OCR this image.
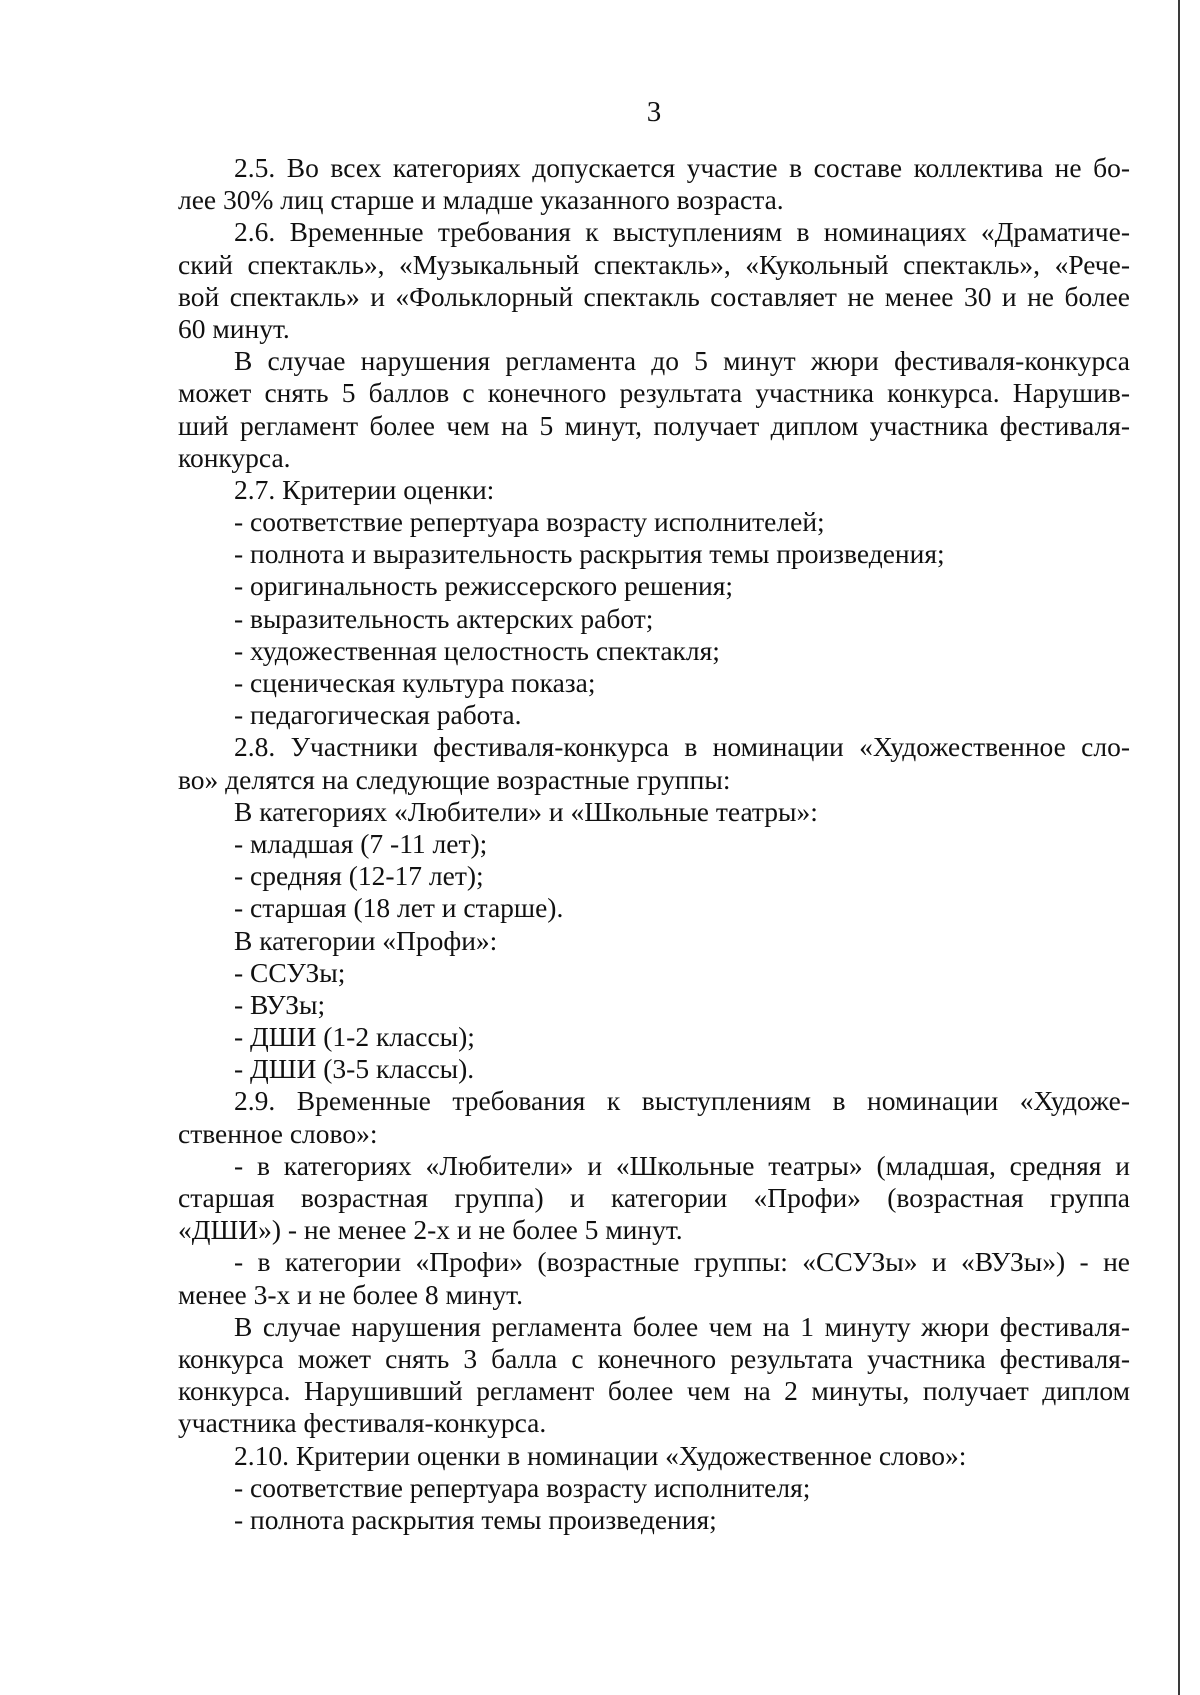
3
2.5. Во всех категориях допускается участие в составе коллектива не бо-
лее 30% лиц старше и младше указанного возраста.
2.6. Временные требования к выступлениям в номинациях «Драматиче-
ский спектакль», «Музыкальный спектакль», «Кукольный спектакль», «Рече-
вой спектакль» и «Фольклорный спектакль составляет не менее 30 и не более
60 минут.
В случае нарушения регламента до 5 минут жюри фестиваля-конкурса
может снять 5 баллов с конечного результата участника конкурса. Нарушив-
ший регламент более чем на 5 минут, получает диплом участника фестиваля-
конкурса.
2.7. Критерии оценки:
- соответствие репертуара возрасту исполнителей;
- полнота и выразительность раскрытия темы произведения;
- оригинальность режиссерского решения;
- выразительность актерских работ;
- художественная целостность спектакля;
- сценическая культура показа;
- педагогическая работа.
2.8. Участники фестиваля-конкурса в номинации «Художественное сло-
во» делятся на следующие возрастные группы:
В категориях «Любители» и «Школьные театры»:
- младшая (7 -11 лет);
- средняя (12-17 лет);
- старшая (18 лет и старше).
В категории «Профи»:
- ССУЗы;
- ВУЗы;
- ДШИ (1-2 классы);
- ДШИ (3-5 классы).
2.9. Временные требования к выступлениям в номинации «Художе-
ственное слово»:
- в категориях «Любители» и «Школьные театры» (младшая, средняя и
старшая возрастная группа) и категории «Профи» (возрастная группа
«ДШИ») - не менее 2-х и не более 5 минут.
- в категории «Профи» (возрастные группы: «ССУЗы» и «ВУЗы») - не
менее 3-х и не более 8 минут.
В случае нарушения регламента более чем на 1 минуту жюри фестиваля-
конкурса может снять 3 балла с конечного результата участника фестиваля-
конкурса. Нарушивший регламент более чем на 2 минуты, получает диплом
участника фестиваля-конкурса.
2.10. Критерии оценки в номинации «Художественное слово»:
- соответствие репертуара возрасту исполнителя;
- полнота раскрытия темы произведения;
